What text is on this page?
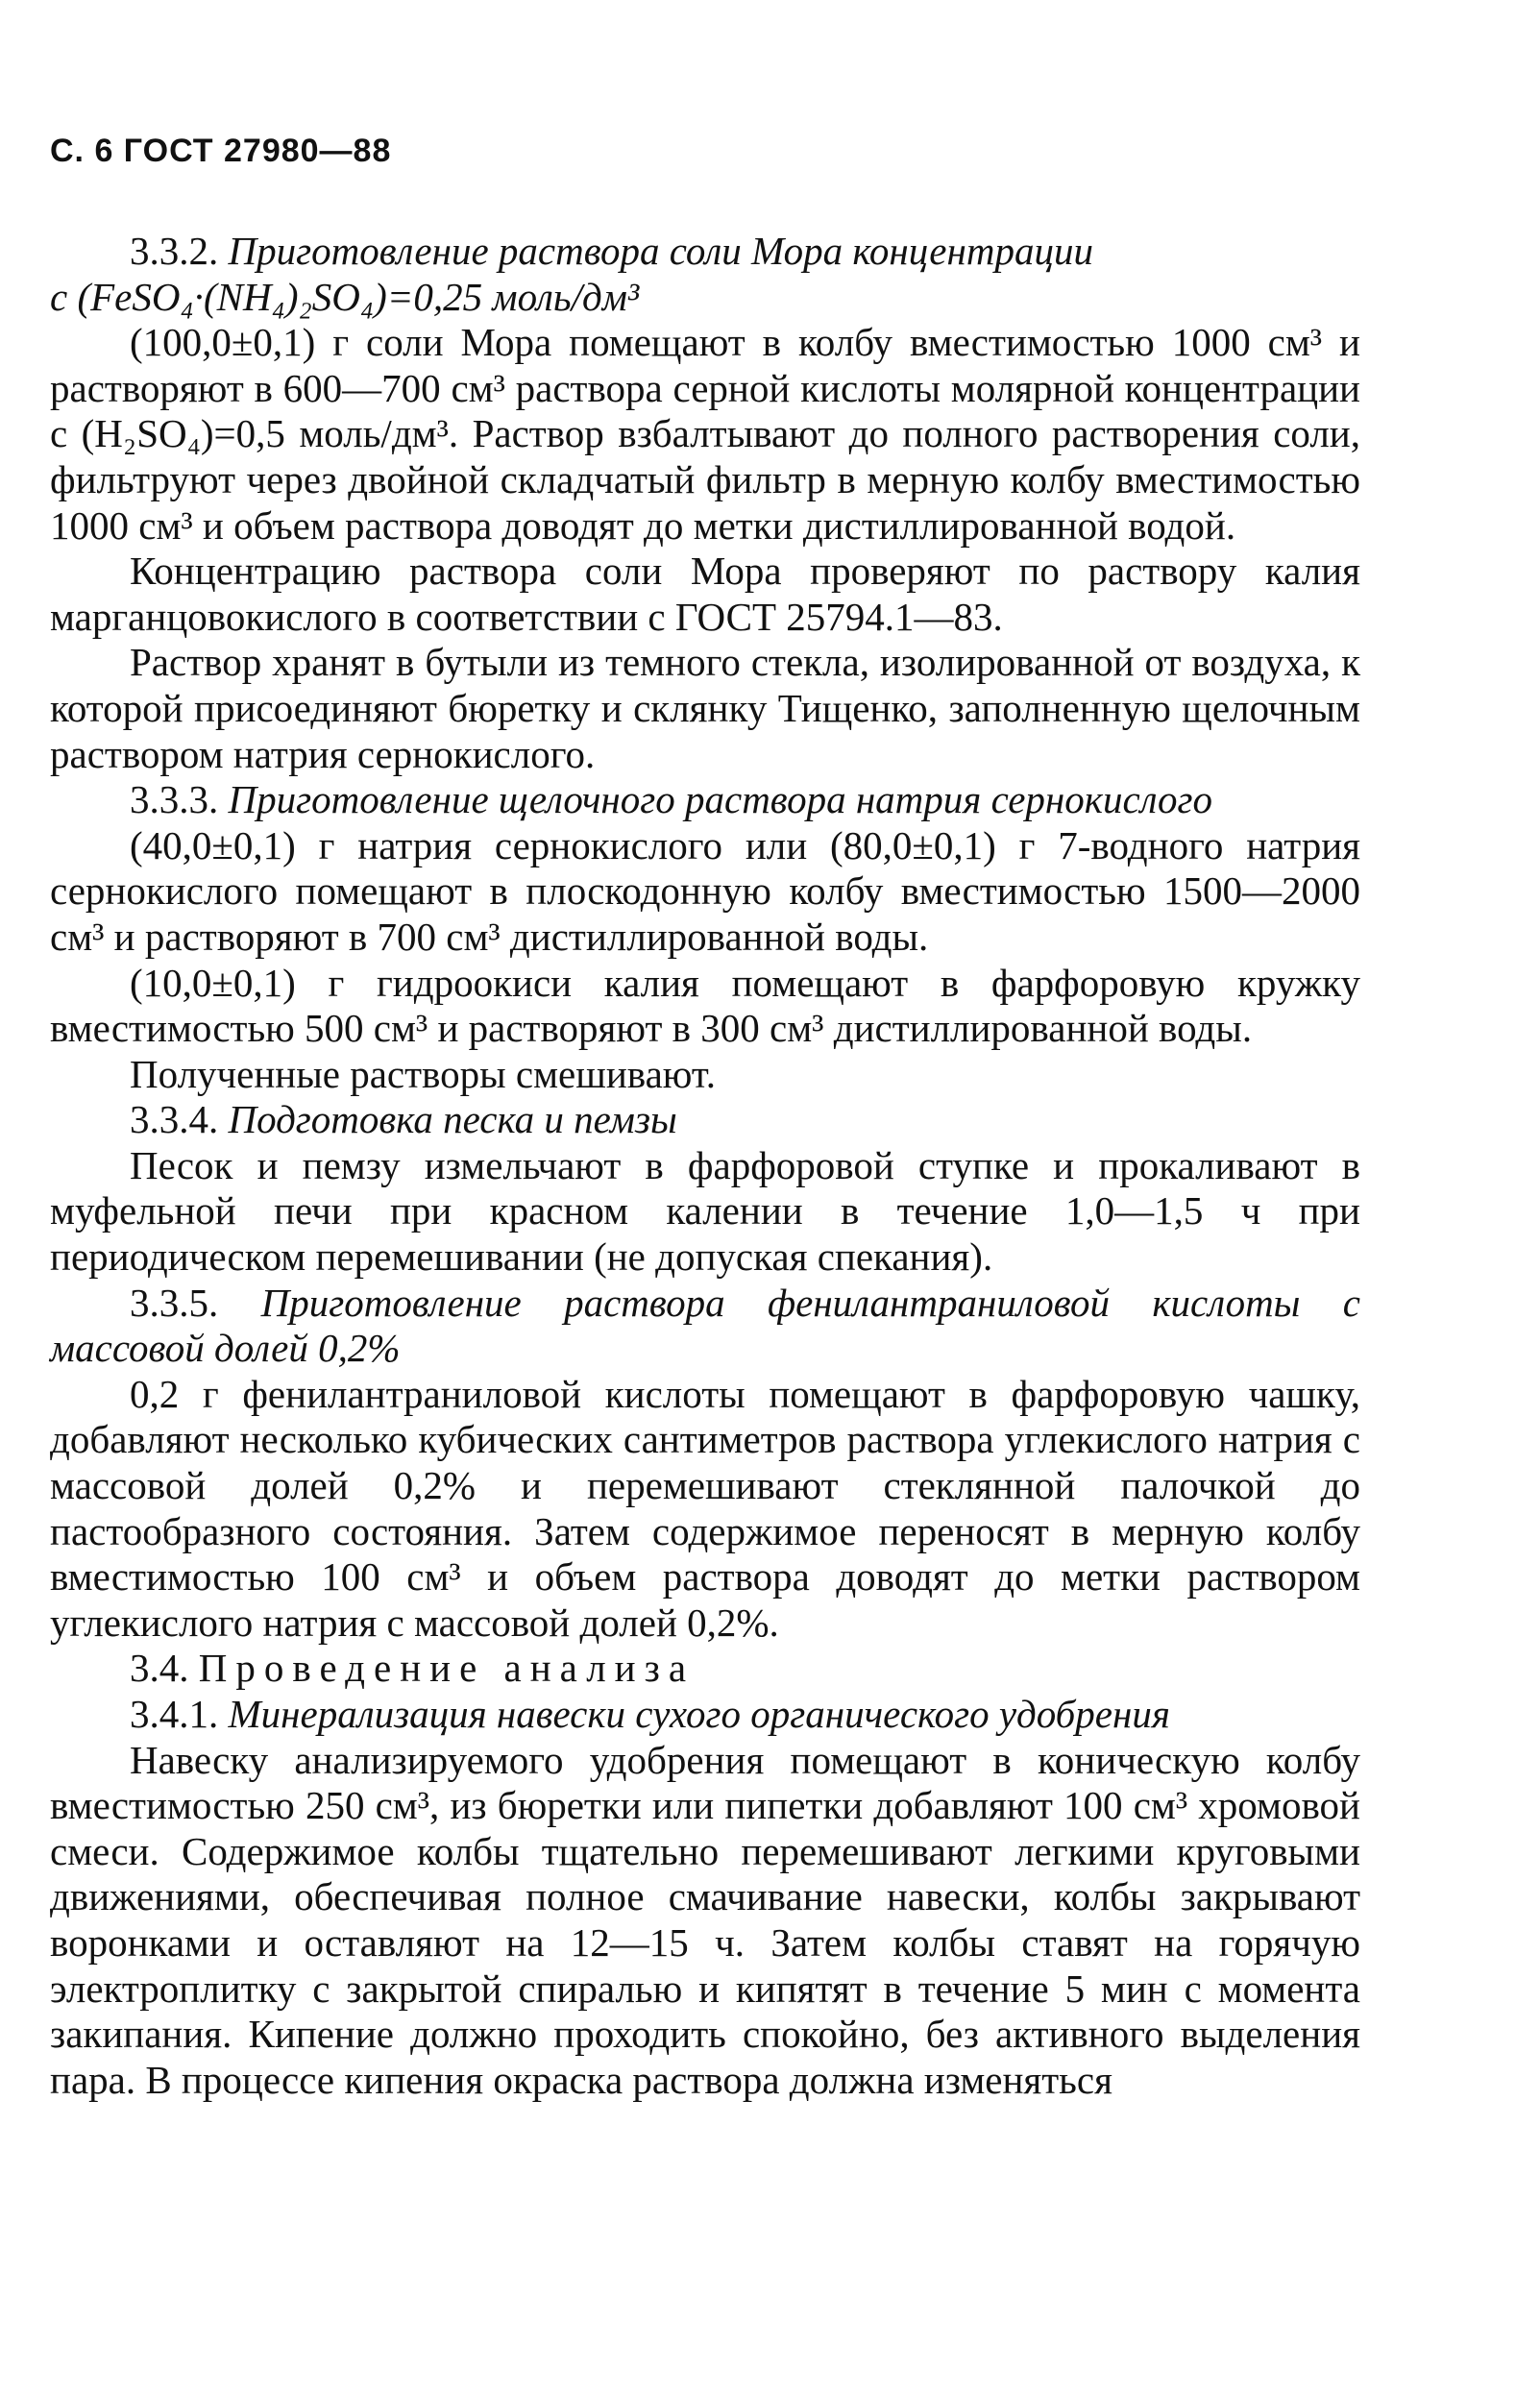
С. 6 ГОСТ 27980—88

3.3.2. Приготовление раствора соли Мора концентрации

c (FeSO₄·(NH₄)₂SO₄)=0,25 моль/дм³

(100,0±0,1) г соли Мора помещают в колбу вместимостью 1000 см³ и растворяют в 600—700 см³ раствора серной кислоты молярной концентрации с (H₂SO₄)=0,5 моль/дм³. Раствор взбалтывают до полного растворения соли, фильтруют через двойной складчатый фильтр в мерную колбу вместимостью 1000 см³ и объем раствора доводят до метки дистиллированной водой.

Концентрацию раствора соли Мора проверяют по раствору калия марганцовокислого в соответствии с ГОСТ 25794.1—83.

Раствор хранят в бутыли из темного стекла, изолированной от воздуха, к которой присоединяют бюретку и склянку Тищенко, заполненную щелочным раствором натрия сернокислого.

3.3.3. Приготовление щелочного раствора натрия сернокислого

(40,0±0,1) г натрия сернокислого или (80,0±0,1) г 7-водного натрия сернокислого помещают в плоскодонную колбу вместимостью 1500—2000 см³ и растворяют в 700 см³ дистиллированной воды.

(10,0±0,1) г гидроокиси калия помещают в фарфоровую кружку вместимостью 500 см³ и растворяют в 300 см³ дистиллированной воды.

Полученные растворы смешивают.

3.3.4. Подготовка песка и пемзы

Песок и пемзу измельчают в фарфоровой ступке и прокаливают в муфельной печи при красном калении в течение 1,0—1,5 ч при периодическом перемешивании (не допуская спекания).

3.3.5. Приготовление раствора фенилантраниловой кислоты с массовой долей 0,2%

0,2 г фенилантраниловой кислоты помещают в фарфоровую чашку, добавляют несколько кубических сантиметров раствора углекислого натрия с массовой долей 0,2% и перемешивают стеклянной палочкой до пастообразного состояния. Затем содержимое переносят в мерную колбу вместимостью 100 см³ и объем раствора доводят до метки раствором углекислого натрия с массовой долей 0,2%.

3.4. Проведение анализа

3.4.1. Минерализация навески сухого органического удобрения

Навеску анализируемого удобрения помещают в коническую колбу вместимостью 250 см³, из бюретки или пипетки добавляют 100 см³ хромовой смеси. Содержимое колбы тщательно перемешивают легкими круговыми движениями, обеспечивая полное смачивание навески, колбы закрывают воронками и оставляют на 12—15 ч. Затем колбы ставят на горячую электроплитку с закрытой спиралью и кипятят в течение 5 мин с момента закипания. Кипение должно проходить спокойно, без активного выделения пара. В процессе кипения окраска раствора должна изменяться
